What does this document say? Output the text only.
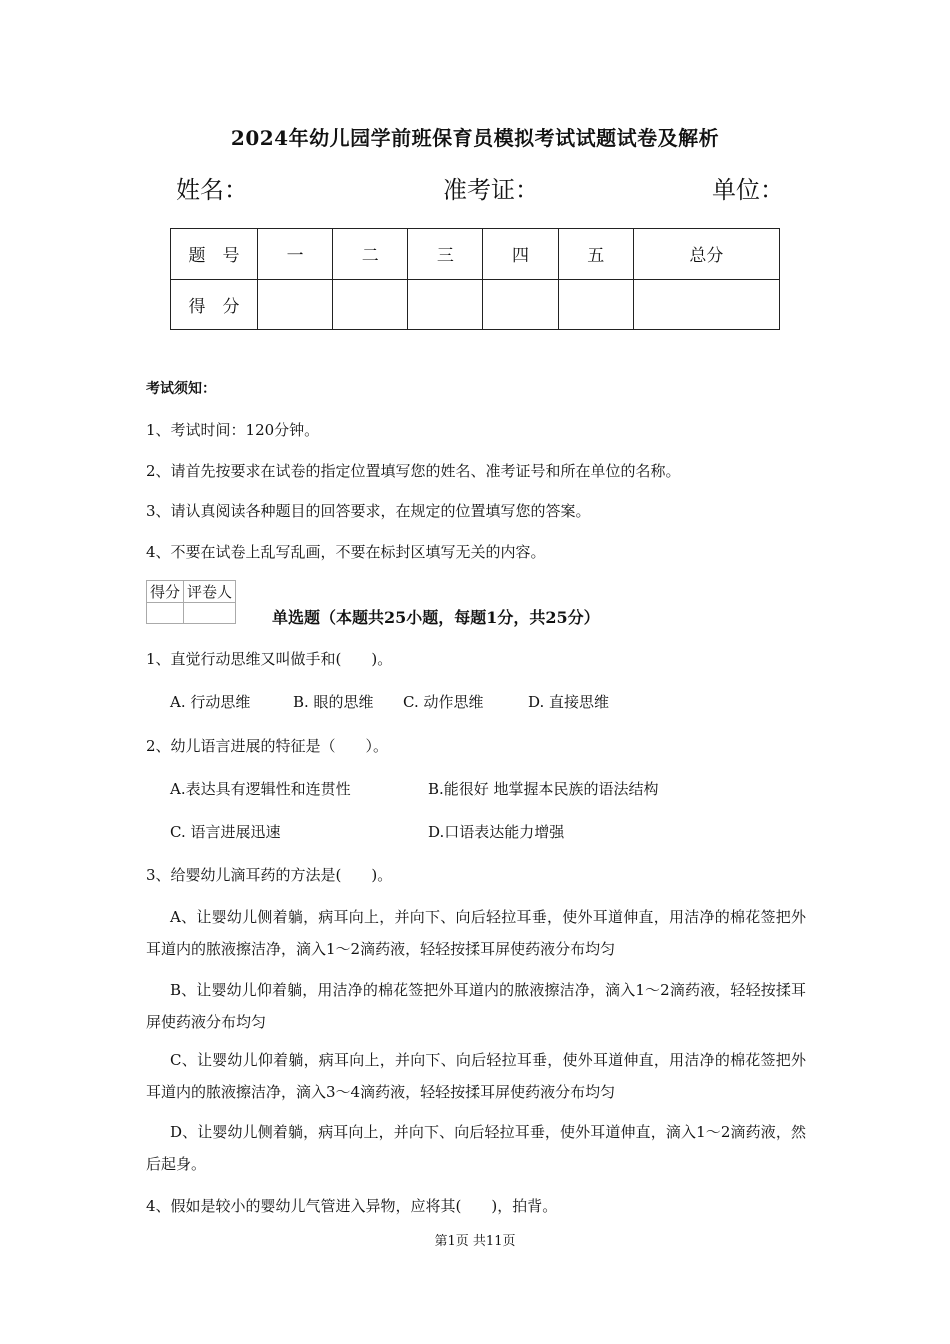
2024年幼儿园学前班保育员模拟考试试题试卷及解析
姓名：	准考证：	单位：
题　号	一	二	三	四	五	总分
得　分						
考试须知：
1、考试时间：120分钟。
2、请首先按要求在试卷的指定位置填写您的姓名、准考证号和所在单位的名称。
3、请认真阅读各种题目的回答要求，在规定的位置填写您的答案。
4、不要在试卷上乱写乱画，不要在标封区填写无关的内容。
得分	评卷人

单选题（本题共25小题，每题1分，共25分）
1、直觉行动思维又叫做手和(　　)。
A. 行动思维	B. 眼的思维 C. 动作思维	D. 直接思维
2、幼儿语言进展的特征是（　　）。
A.表达具有逻辑性和连贯性	B.能很好 地掌握本民族的语法结构
C. 语言进展迅速	D.口语表达能力增强
3、给婴幼儿滴耳药的方法是(　　)。
A、让婴幼儿侧着躺，病耳向上，并向下、向后轻拉耳垂，使外耳道伸直，用洁净的棉花签把外耳道内的脓液擦洁净，滴入1～2滴药液，轻轻按揉耳屏使药液分布均匀
B、让婴幼儿仰着躺，用洁净的棉花签把外耳道内的脓液擦洁净，滴入1～2滴药液，轻轻按揉耳屏使药液分布均匀
C、让婴幼儿仰着躺，病耳向上，并向下、向后轻拉耳垂，使外耳道伸直，用洁净的棉花签把外耳道内的脓液擦洁净，滴入3～4滴药液，轻轻按揉耳屏使药液分布均匀
D、让婴幼儿侧着躺，病耳向上，并向下、向后轻拉耳垂，使外耳道伸直，滴入1～2滴药液，然后起身。
4、假如是较小的婴幼儿气管进入异物，应将其(　　)，拍背。
第1页 共11页
